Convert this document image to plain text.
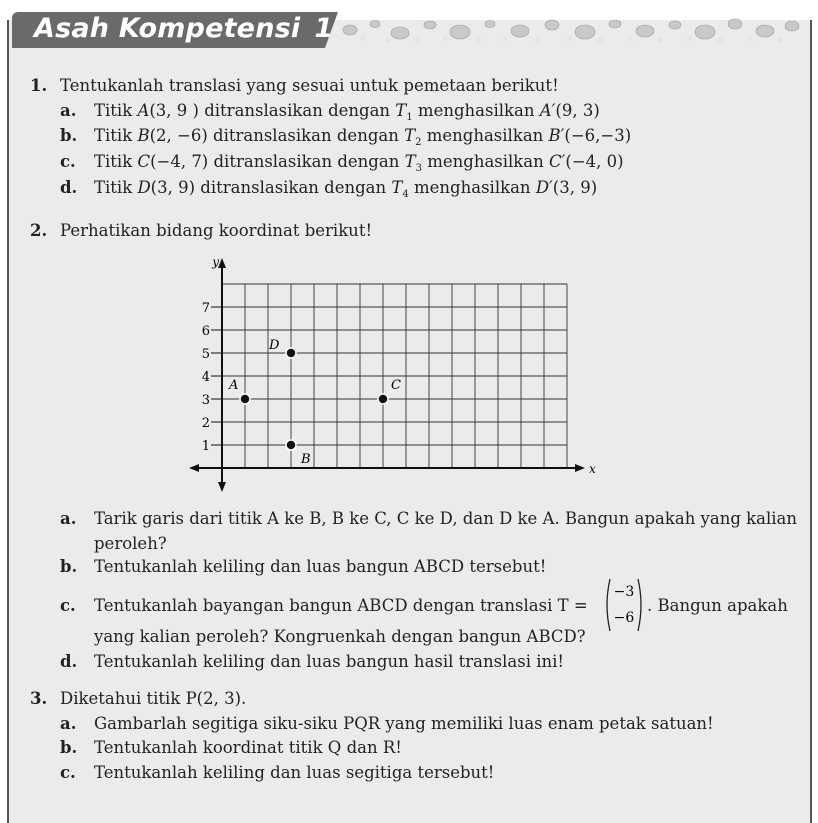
Asah Kompetensi 1
1. Tentukanlah translasi yang sesuai untuk pemetaan berikut!
a. Titik A(3, 9 ) ditranslasikan dengan $T_1$ menghasilkan A′(9, 3)
b. Titik B(2, −6) ditranslasikan dengan $T_2$ menghasilkan B′(−6,−3)
c. Titik C(−4, 7) ditranslasikan dengan $T_3$ menghasilkan C′(−4, 0)
d. Titik D(3, 9) ditranslasikan dengan $T_4$ menghasilkan D′(3, 9)
2. Perhatikan bidang koordinat berikut!
a. Tarik garis dari titik A ke B, B ke C, C ke D, dan D ke A. Bangun apakah yang kalian
peroleh?
b. Tentukanlah keliling dan luas bangun ABCD tersebut!
c. Tentukanlah bayangan bangun ABCD dengan translasi T =	. Bangun apakah
yang kalian peroleh? Kongruenkah dengan bangun ABCD?
d. Tentukanlah keliling dan luas bangun hasil translasi ini!
3. Diketahui titik P(2, 3).
a. Gambarlah segitiga siku-siku PQR yang memiliki luas enam petak satuan!
b. Tentukanlah koordinat titik Q dan R!
c. Tentukanlah keliling dan luas segitiga tersebut!
−3
−6
x
y
1
2
3
4
5
6
7
A
B
C
D
